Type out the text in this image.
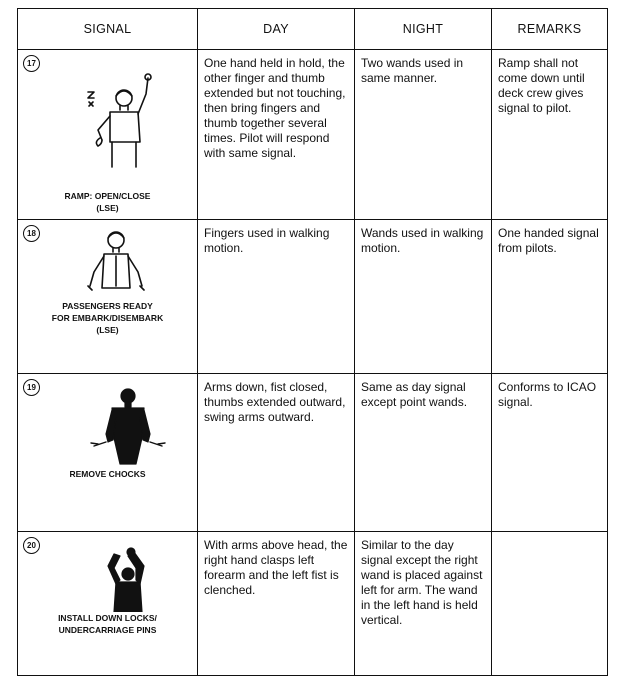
SIGNAL	DAY	NIGHT	REMARKS

17
RAMP: OPEN/CLOSE
(LSE)	One hand held in hold, the other finger and thumb extended but not touching, then bring fingers and thumb together several times. Pilot will respond with same signal.	Two wands used in same manner.	Ramp shall not come down until deck crew gives signal to pilot.

18
PASSENGERS READY
FOR EMBARK/DISEMBARK
(LSE)	Fingers used in walking motion.	Wands used in walking motion.	One handed signal from pilots.

19
REMOVE CHOCKS	Arms down, fist closed, thumbs extended outward, swing arms outward.	Same as day signal except point wands.	Conforms to ICAO signal.

20
INSTALL DOWN LOCKS/
UNDERCARRIAGE PINS	With arms above head, the right hand clasps left forearm and the left fist is clenched.	Similar to the day signal except the right wand is placed against left for arm. The wand in the left hand is held vertical.	
